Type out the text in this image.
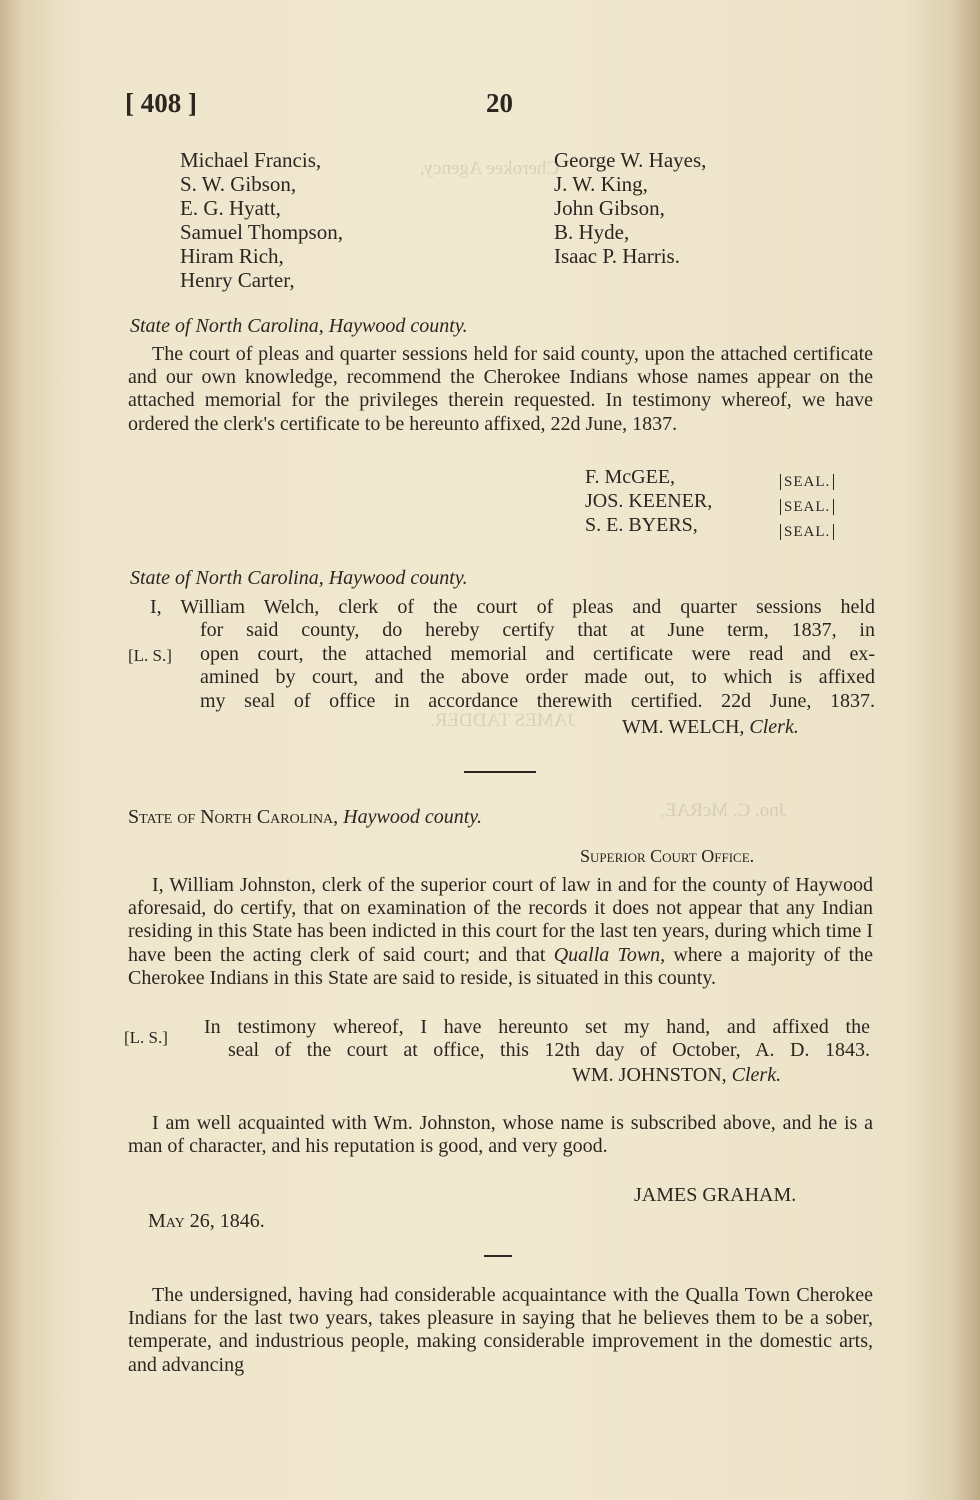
Cherokee Agency,
JAMES TADDER.
Jno. C. McRAE,
[ 408 ]	20
Michael Francis,
S. W. Gibson,
E. G. Hyatt,
Samuel Thompson,
Hiram Rich,
Henry Carter,
George W. Hayes,
J. W. King,
John Gibson,
B. Hyde,
Isaac P. Harris.
State of North Carolina, Haywood county.

The court of pleas and quarter sessions held for said county, upon the attached certificate and our own knowledge, recommend the Cherokee Indians whose names appear on the attached memorial for the privileges therein requested. In testimony whereof, we have ordered the clerk's certificate to be hereunto affixed, 22d June, 1837.

F. McGEE,
JOS. KEENER,
S. E. BYERS,
SEAL.
SEAL.
SEAL.
State of North Carolina, Haywood county.
I, William Welch, clerk of the court of pleas and quarter sessions held
for said county, do hereby certify that at June term, 1837, in
open court, the attached memorial and certificate were read and ex-
amined by court, and the above order made out, to which is affixed
my seal of office in accordance therewith certified. 22d June, 1837.
[L. S.]
WM. WELCH, Clerk.
State of North Carolina, Haywood county.
Superior Court Office.

I, William Johnston, clerk of the superior court of law in and for the county of Haywood aforesaid, do certify, that on examination of the records it does not appear that any Indian residing in this State has been indicted in this court for the last ten years, during which time I have been the acting clerk of said court; and that Qualla Town, where a majority of the Cherokee Indians in this State are said to reside, is situated in this county.

[L. S.] In testimony whereof, I have hereunto set my hand, and affixed the
seal of the court at office, this 12th day of October, A. D. 1843.
WM. JOHNSTON, Clerk.

I am well acquainted with Wm. Johnston, whose name is subscribed above, and he is a man of character, and his reputation is good, and very good.

JAMES GRAHAM.
May 26, 1846.

The undersigned, having had considerable acquaintance with the Qualla Town Cherokee Indians for the last two years, takes pleasure in saying that he believes them to be a sober, temperate, and industrious people, making considerable improvement in the domestic arts, and advancing
